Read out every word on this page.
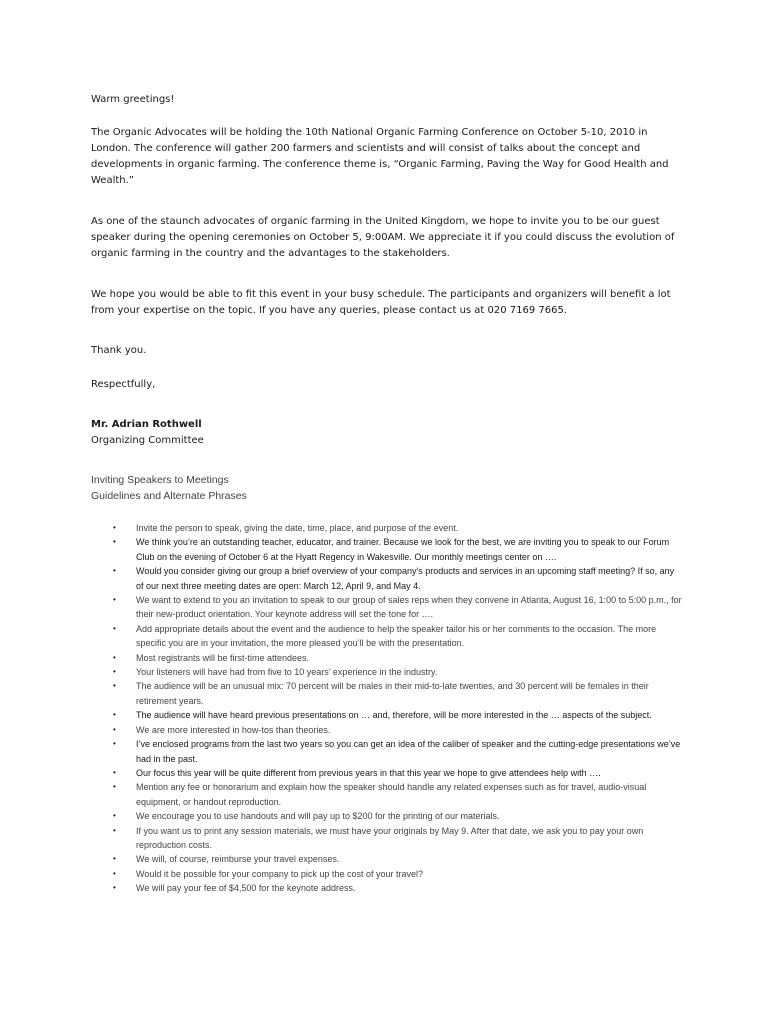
Warm greetings!

The Organic Advocates will be holding the 10th National Organic Farming Conference on October 5-10, 2010 in London. The conference will gather 200 farmers and scientists and will consist of talks about the concept and developments in organic farming. The conference theme is, “Organic Farming, Paving the Way for Good Health and Wealth.”

As one of the staunch advocates of organic farming in the United Kingdom, we hope to invite you to be our guest speaker during the opening ceremonies on October 5, 9:00AM. We appreciate it if you could discuss the evolution of organic farming in the country and the advantages to the stakeholders.

We hope you would be able to fit this event in your busy schedule. The participants and organizers will benefit a lot from your expertise on the topic. If you have any queries, please contact us at 020 7169 7665.

Thank you.

Respectfully,

Mr. Adrian Rothwell

Organizing Committee

Inviting Speakers to Meetings

Guidelines and Alternate Phrases

• Invite the person to speak, giving the date, time, place, and purpose of the event.
• We think you’re an outstanding teacher, educator, and trainer. Because we look for the best, we are inviting you to speak to our Forum Club on the evening of October 6 at the Hyatt Regency in Wakesville. Our monthly meetings center on ….
• Would you consider giving our group a brief overview of your company's products and services in an upcoming staff meeting? If so, any of our next three meeting dates are open: March 12, April 9, and May 4.
• We want to extend to you an invitation to speak to our group of sales reps when they convene in Atlanta, August 16, 1:00 to 5:00 p.m., for their new-product orientation. Your keynote address will set the tone for ….
• Add appropriate details about the event and the audience to help the speaker tailor his or her comments to the occasion. The more specific you are in your invitation, the more pleased you’ll be with the presentation.
• Most registrants will be first-time attendees.
• Your listeners will have had from five to 10 years’ experience in the industry.
• The audience will be an unusual mix: 70 percent will be males in their mid-to-late twenties, and 30 percent will be females in their retirement years.
• The audience will have heard previous presentations on … and, therefore, will be more interested in the … aspects of the subject.
• We are more interested in how-tos than theories.
• I’ve enclosed programs from the last two years so you can get an idea of the caliber of speaker and the cutting-edge presentations we’ve had in the past.
• Our focus this year will be quite different from previous years in that this year we hope to give attendees help with ….
• Mention any fee or honorarium and explain how the speaker should handle any related expenses such as for travel, audio-visual equipment, or handout reproduction.
• We encourage you to use handouts and will pay up to $200 for the printing of our materials.
• If you want us to print any session materials, we must have your originals by May 9. After that date, we ask you to pay your own reproduction costs.
• We will, of course, reimburse your travel expenses.
• Would it be possible for your company to pick up the cost of your travel?
• We will pay your fee of $4,500 for the keynote address.
